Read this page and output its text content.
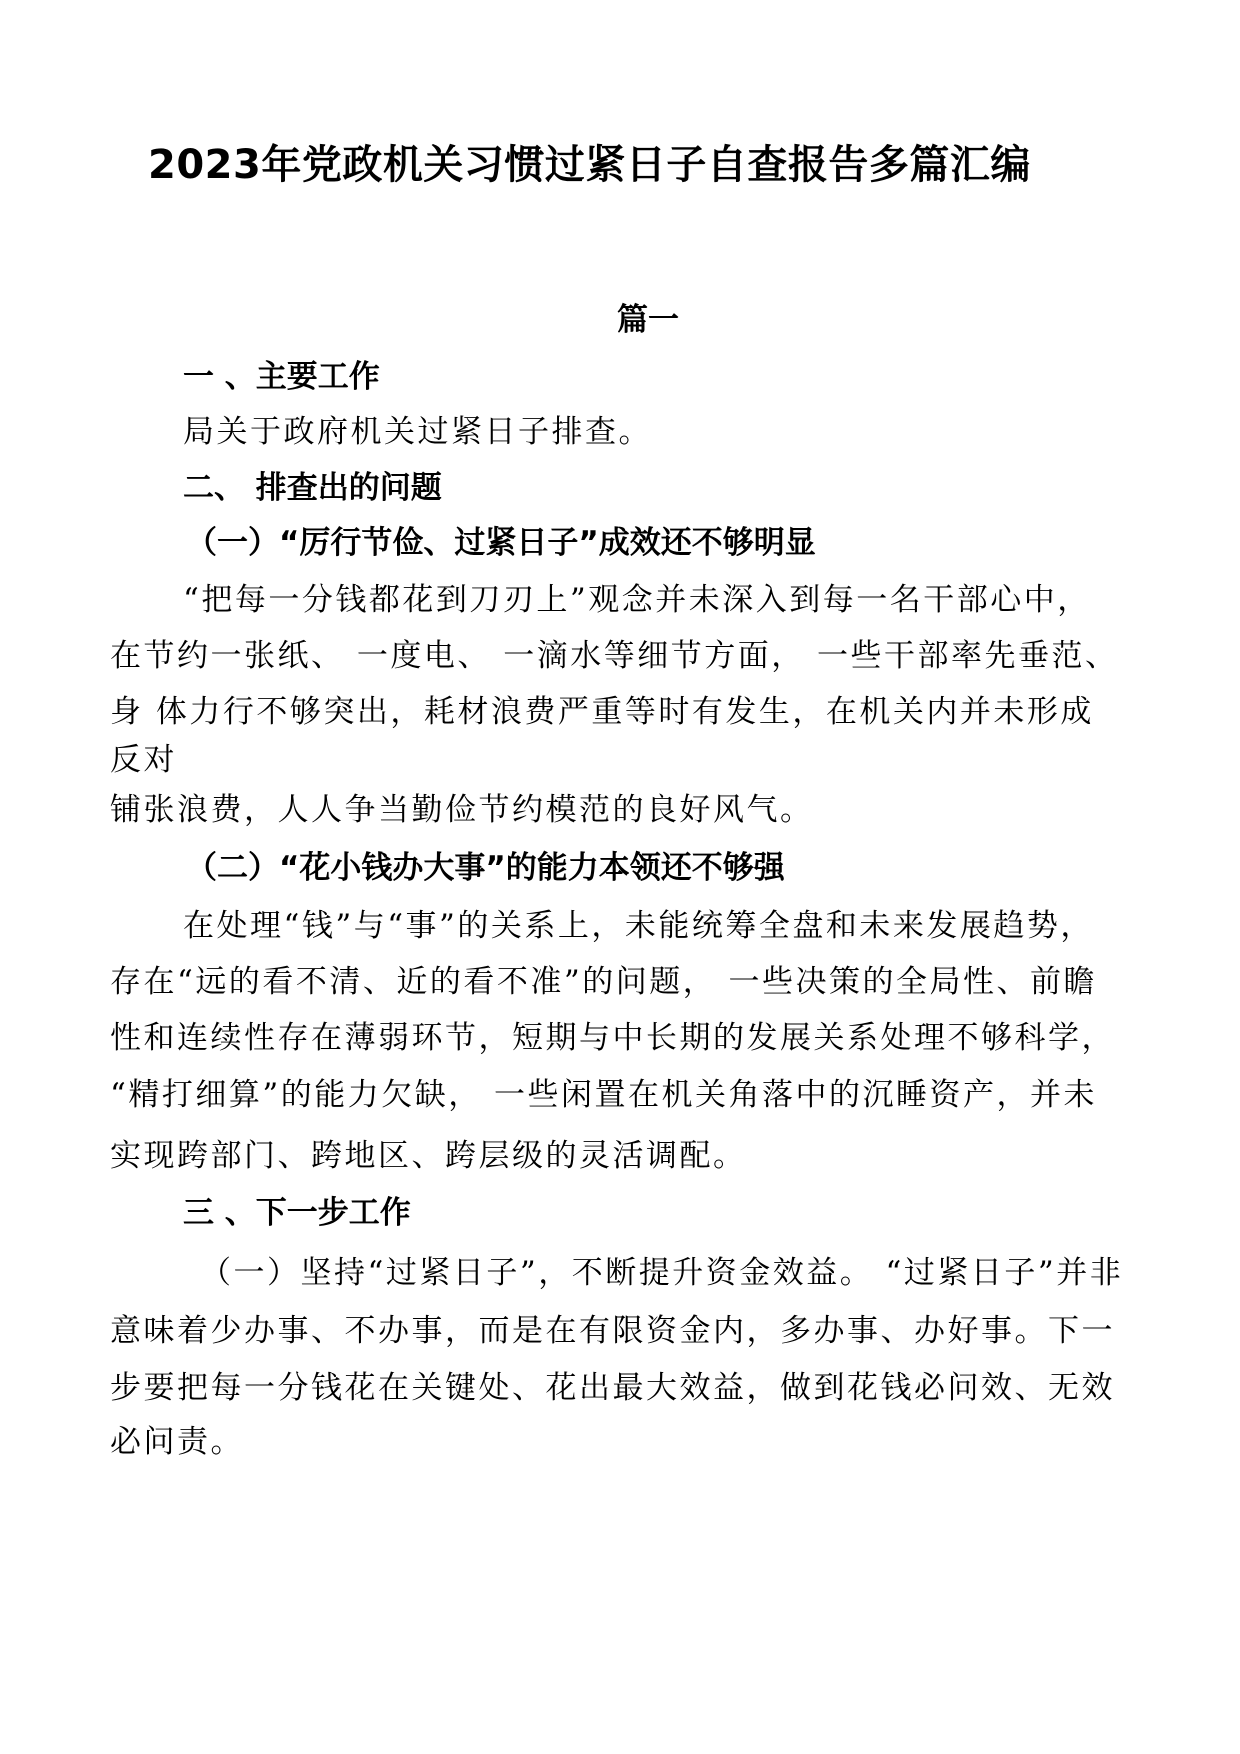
2023年党政机关习惯过紧日子自查报告多篇汇编
篇一
一 、主要工作
局关于政府机关过紧日子排查。
二、 排查出的问题
（一）“厉行节俭、过紧日子”成效还不够明显
“把每一分钱都花到刀刃上”观念并未深入到每一名干部心中，
在节约一张纸、 一度电、 一滴水等细节方面， 一些干部率先垂范、
身 体力行不够突出，耗材浪费严重等时有发生，在机关内并未形成
反对
铺张浪费，人人争当勤俭节约模范的良好风气。
（二）“花小钱办大事”的能力本领还不够强
在处理“钱”与“事”的关系上，未能统筹全盘和未来发展趋势，
存在“远的看不清、近的看不准”的问题， 一些决策的全局性、前瞻
性和连续性存在薄弱环节，短期与中长期的发展关系处理不够科学，
“精打细算”的能力欠缺， 一些闲置在机关角落中的沉睡资产，并未
实现跨部门、跨地区、跨层级的灵活调配。
三 、下一步工作
（一）坚持“过紧日子”，不断提升资金效益。 “过紧日子”并非
意味着少办事、不办事，而是在有限资金内，多办事、办好事。下一
步要把每一分钱花在关键处、花出最大效益，做到花钱必问效、无效
必问责。
